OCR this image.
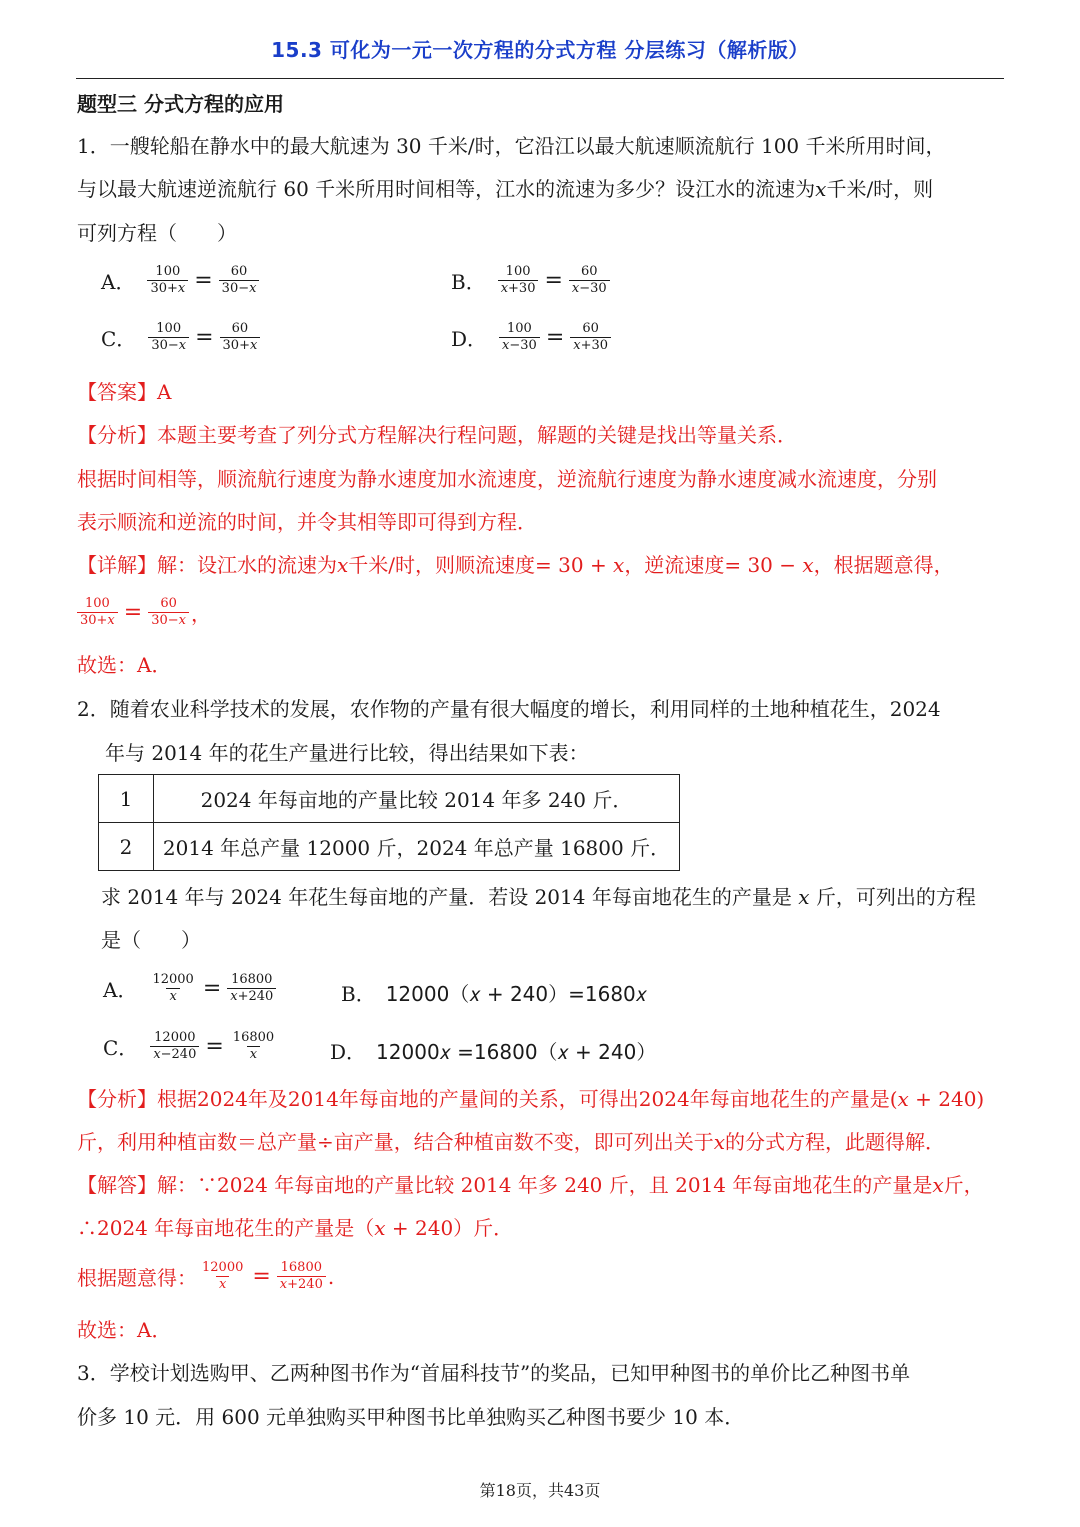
15.3 可化为一元一次方程的分式方程 分层练习（解析版）
题型三 分式方程的应用
1．一艘轮船在静水中的最大航速为 30 千米/时，它沿江以最大航速顺流航行 100 千米所用时间，
与以最大航速逆流航行 60 千米所用时间相等，江水的流速为多少？设江水的流速为𝑥千米/时，则
可列方程（　　）
A． $\frac{100}{\text{30+𝑥}} = \frac{60}{\text{30−𝑥}}$	B． $\frac{100}{\text{𝑥+30}} = \frac{60}{\text{𝑥−30}}$
C． $\frac{100}{\text{30−𝑥}} = \frac{60}{\text{30+𝑥}}$	D． $\frac{100}{\text{𝑥−30}} = \frac{60}{\text{𝑥+30}}$
【答案】A
【分析】本题主要考查了列分式方程解决行程问题，解题的关键是找出等量关系．
根据时间相等，顺流航行速度为静水速度加水流速度，逆流航行速度为静水速度减水流速度，分别
表示顺流和逆流的时间，并令其相等即可得到方程．
【详解】解：设江水的流速为𝑥千米/时，则顺流速度= 30 + 𝑥，逆流速度= 30 − 𝑥，根据题意得，
$\frac{100}{\text{30+𝑥}} = \frac{60}{\text{30−𝑥}}$ ，
故选：A．
2．随着农业科学技术的发展，农作物的产量有很大幅度的增长，利用同样的土地种植花生，2024
年与 2014 年的花生产量进行比较，得出结果如下表：
1	2024 年每亩地的产量比较 2014 年多 240 斤．
2	2014 年总产量 12000 斤，2024 年总产量 16800 斤．
求 2014 年与 2024 年花生每亩地的产量．若设 2014 年每亩地花生的产量是 𝑥 斤，可列出的方程
是（　　）
A． $\frac{12000}{\text{𝑥}} = \frac{16800}{\text{𝑥+240}}$	B． 12000（𝑥 + 240）=1680𝑥
C． $\frac{12000}{\text{𝑥−240}} = \frac{16800}{\text{𝑥}}$	D． 12000𝑥 =16800（𝑥 + 240）
【分析】根据2024年及2014年每亩地的产量间的关系，可得出2024年每亩地花生的产量是(𝑥 + 240)
斤，利用种植亩数＝总产量÷亩产量，结合种植亩数不变，即可列出关于𝑥的分式方程，此题得解．
【解答】解：∵2024 年每亩地的产量比较 2014 年多 240 斤，且 2014 年每亩地花生的产量是𝑥斤，
∴2024 年每亩地花生的产量是（𝑥 + 240）斤．
根据题意得： $\frac{12000}{\text{𝑥}} = \frac{16800}{\text{𝑥+240}}$ .
故选：A．
3．学校计划选购甲、乙两种图书作为“首届科技节”的奖品，已知甲种图书的单价比乙种图书单
价多 10 元．用 600 元单独购买甲种图书比单独购买乙种图书要少 10 本．
第18页，共43页
